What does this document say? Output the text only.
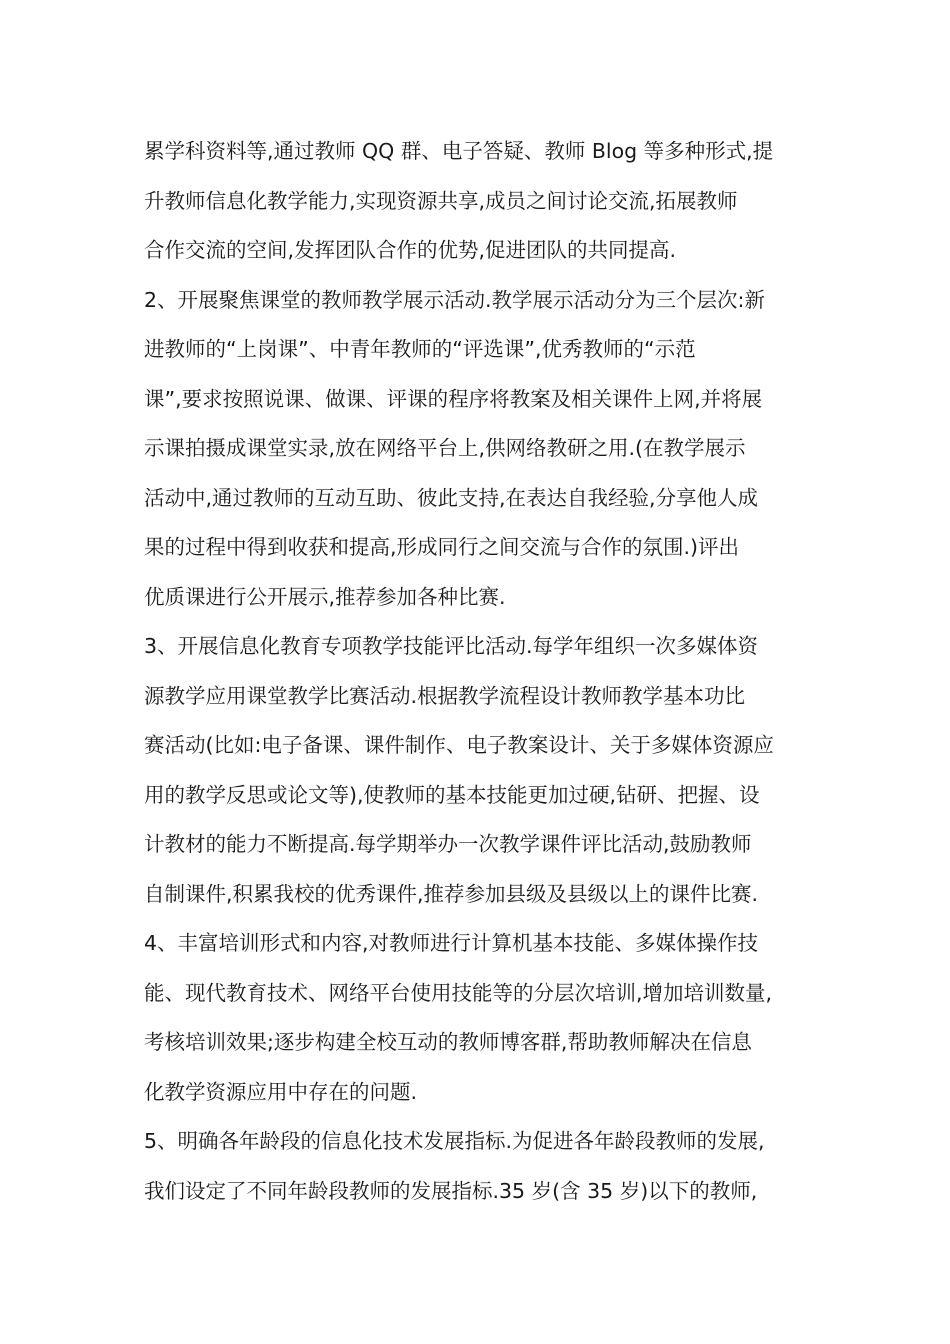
累学科资料等,通过教师 QQ 群、电子答疑、教师 Blog 等多种形式,提
升教师信息化教学能力,实现资源共享,成员之间讨论交流,拓展教师
合作交流的空间,发挥团队合作的优势,促进团队的共同提高.
2、开展聚焦课堂的教师教学展示活动.教学展示活动分为三个层次:新
进教师的“上岗课”、中青年教师的“评选课”,优秀教师的“示范
课”,要求按照说课、做课、评课的程序将教案及相关课件上网,并将展
示课拍摄成课堂实录,放在网络平台上,供网络教研之用.(在教学展示
活动中,通过教师的互动互助、彼此支持,在表达自我经验,分享他人成
果的过程中得到收获和提高,形成同行之间交流与合作的氛围.)评出
优质课进行公开展示,推荐参加各种比赛.
3、开展信息化教育专项教学技能评比活动.每学年组织一次多媒体资
源教学应用课堂教学比赛活动.根据教学流程设计教师教学基本功比
赛活动(比如:电子备课、课件制作、电子教案设计、关于多媒体资源应
用的教学反思或论文等),使教师的基本技能更加过硬,钻研、把握、设
计教材的能力不断提高.每学期举办一次教学课件评比活动,鼓励教师
自制课件,积累我校的优秀课件,推荐参加县级及县级以上的课件比赛.
4、丰富培训形式和内容,对教师进行计算机基本技能、多媒体操作技
能、现代教育技术、网络平台使用技能等的分层次培训,增加培训数量,
考核培训效果;逐步构建全校互动的教师博客群,帮助教师解决在信息
化教学资源应用中存在的问题.
5、明确各年龄段的信息化技术发展指标.为促进各年龄段教师的发展,
我们设定了不同年龄段教师的发展指标.35 岁(含 35 岁)以下的教师,
